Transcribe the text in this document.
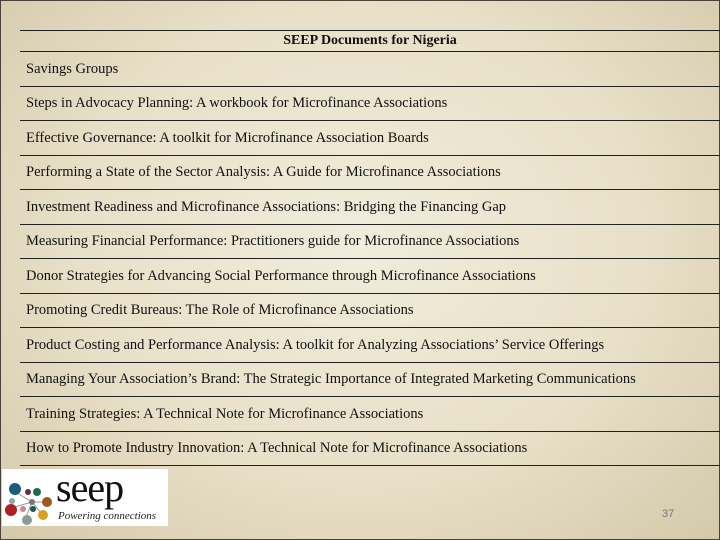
SEEP Documents for Nigeria
Savings Groups
Steps in Advocacy Planning: A workbook for Microfinance Associations
Effective Governance: A toolkit for Microfinance Association Boards
Performing a State of the Sector Analysis: A Guide for Microfinance Associations
Investment Readiness and Microfinance Associations: Bridging the Financing Gap
Measuring Financial Performance: Practitioners guide for Microfinance Associations
Donor Strategies for Advancing Social Performance through Microfinance Associations
Promoting Credit Bureaus: The Role of Microfinance Associations
Product Costing and Performance Analysis: A toolkit for Analyzing Associations’ Service Offerings
Managing Your Association’s Brand: The Strategic Importance of Integrated Marketing Communications
Training Strategies: A Technical Note for Microfinance Associations
How to Promote Industry Innovation: A Technical Note for Microfinance Associations
seep
Powering connections	37
